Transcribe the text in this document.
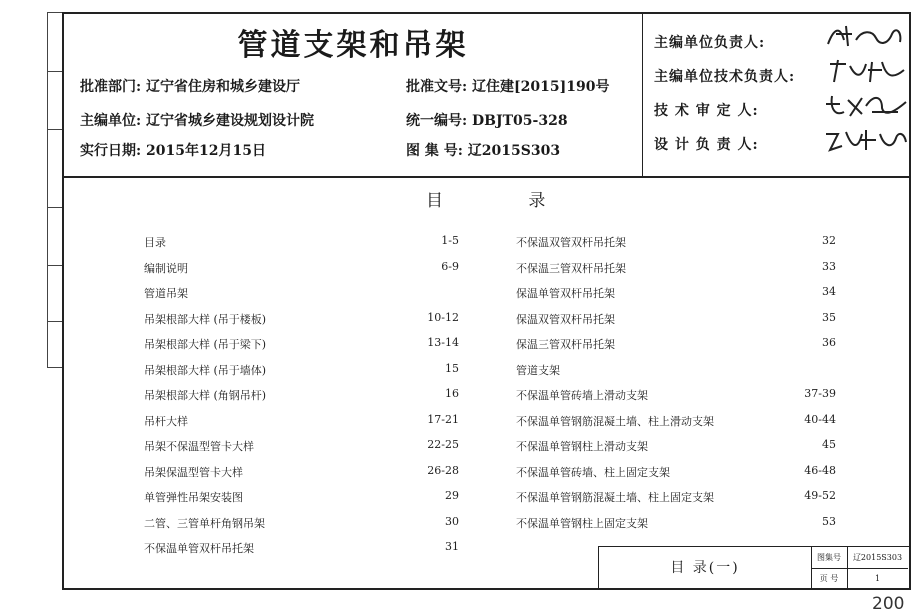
管道支架和吊架
批准部门: 辽宁省住房和城乡建设厅	批准文号: 辽住建[2015]190号
主编单位: 辽宁省城乡建设规划设计院	统一编号: DBJT05-328
实行日期: 2015年12月15日	图 集 号: 辽2015S303
主编单位负责人:
主编单位技术负责人:
技 术 审 定 人:
设 计 负 责 人:
目 录
目录	1-5
编制说明	6-9
管道吊架
吊架根部大样 (吊于楼板)	10-12
吊架根部大样 (吊于梁下)	13-14
吊架根部大样 (吊于墙体)	15
吊架根部大样 (角钢吊杆)	16
吊杆大样	17-21
吊架不保温型管卡大样	22-25
吊架保温型管卡大样	26-28
单管弹性吊架安装图	29
二管、三管单杆角钢吊架	30
不保温单管双杆吊托架	31
不保温双管双杆吊托架	32
不保温三管双杆吊托架	33
保温单管双杆吊托架	34
保温双管双杆吊托架	35
保温三管双杆吊托架	36
管道支架
不保温单管砖墙上滑动支架	37-39
不保温单管钢筋混凝土墙、柱上滑动支架	40-44
不保温单管钢柱上滑动支架	45
不保温单管砖墙、柱上固定支架	46-48
不保温单管钢筋混凝土墙、柱上固定支架	49-52
不保温单管钢柱上固定支架	53
目 录(一)
图集号	辽2015S303
页 号	1
200
